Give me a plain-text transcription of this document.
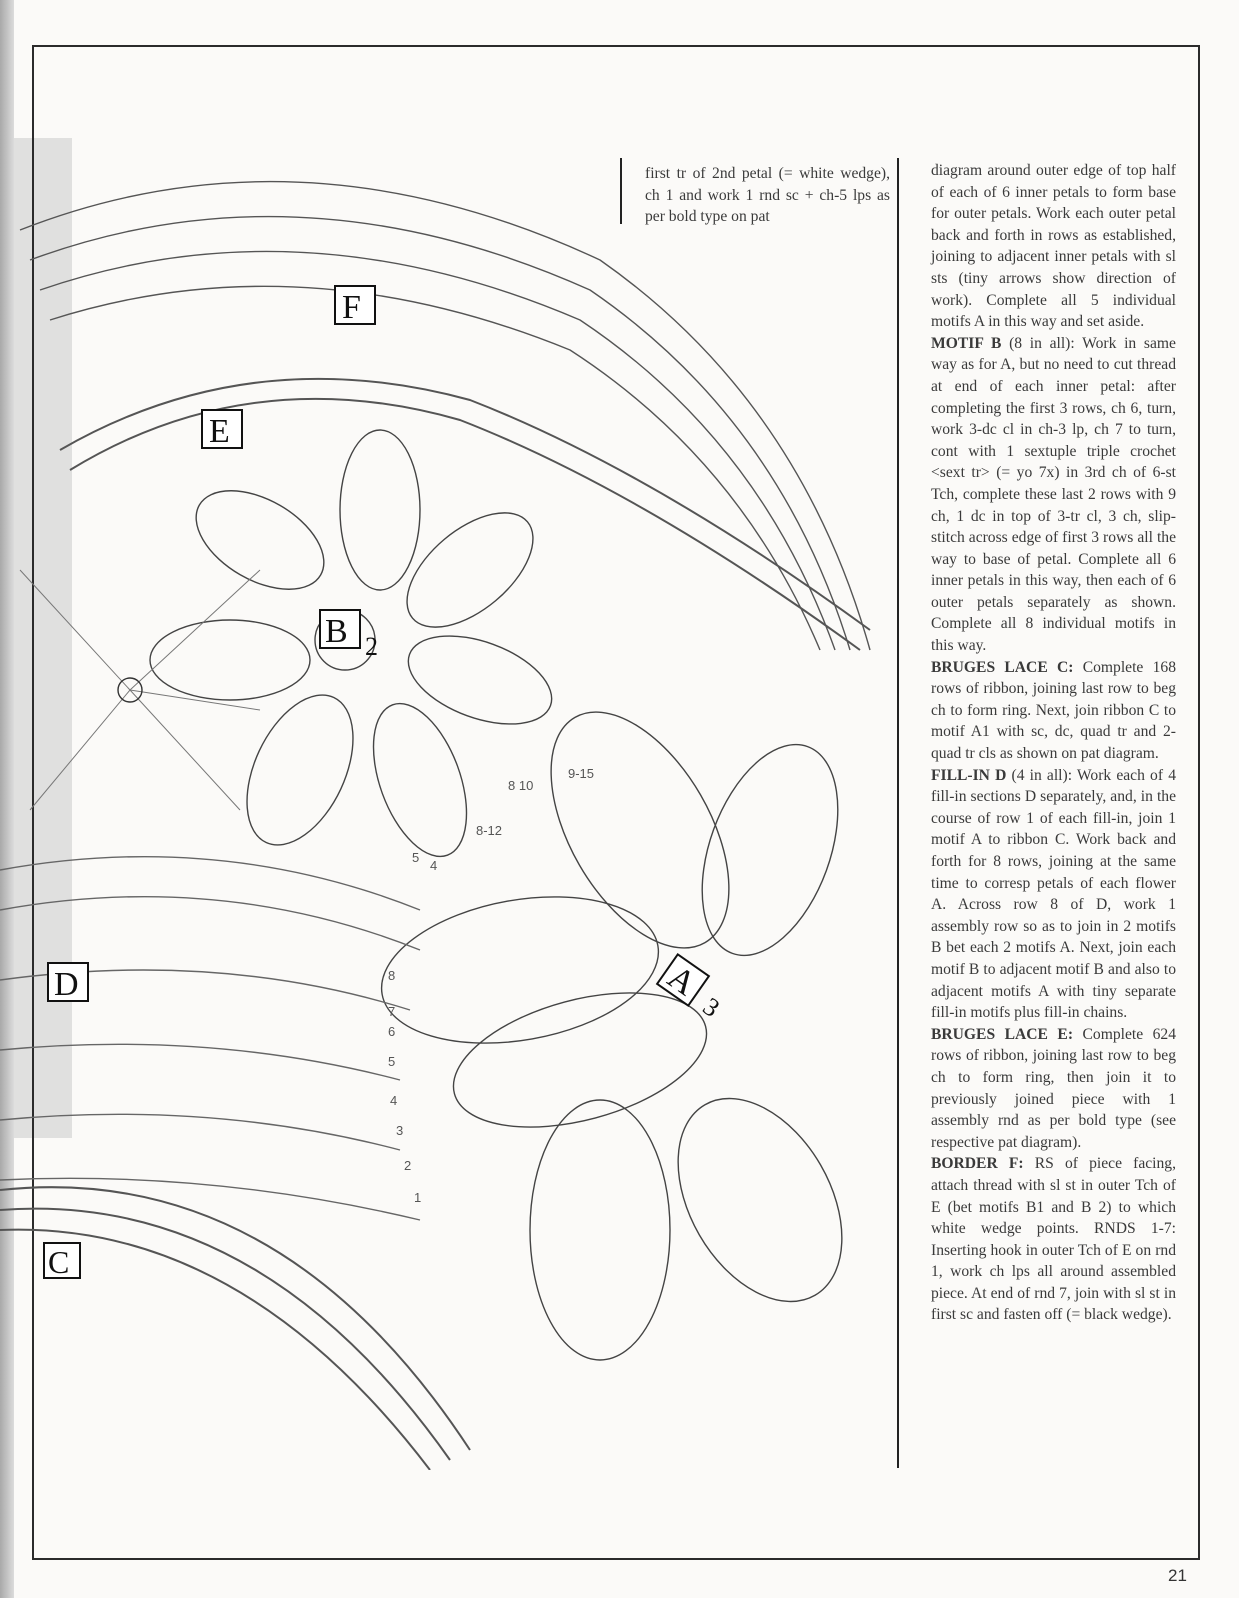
F
E
B 2
A
3
D
C
8-12
8 10
9-15
5
4
8
7
6
5
4
3
2
1

first tr of 2nd petal (= white wedge), ch 1 and work 1 rnd sc + ch-5 lps as per bold type on pat

diagram around outer edge of top half of each of 6 inner petals to form base for outer petals. Work each outer petal back and forth in rows as established, joining to adjacent inner petals with sl sts (tiny arrows show direction of work). Complete all 5 individual motifs A in this way and set aside.

MOTIF B (8 in all): Work in same way as for A, but no need to cut thread at end of each inner petal: after completing the first 3 rows, ch 6, turn, work 3-dc cl in ch-3 lp, ch 7 to turn, cont with 1 sextuple triple crochet <sext tr> (= yo 7x) in 3rd ch of 6-st Tch, complete these last 2 rows with 9 ch, 1 dc in top of 3-tr cl, 3 ch, slip-stitch across edge of first 3 rows all the way to base of petal. Complete all 6 inner petals in this way, then each of 6 outer petals separately as shown. Complete all 8 individual motifs in this way.

BRUGES LACE C: Complete 168 rows of ribbon, joining last row to beg ch to form ring. Next, join ribbon C to motif A1 with sc, dc, quad tr and 2-quad tr cls as shown on pat diagram.

FILL-IN D (4 in all): Work each of 4 fill-in sections D separately, and, in the course of row 1 of each fill-in, join 1 motif A to ribbon C. Work back and forth for 8 rows, joining at the same time to corresp petals of each flower A. Across row 8 of D, work 1 assembly row so as to join in 2 motifs B bet each 2 motifs A. Next, join each motif B to adjacent motif B and also to adjacent motifs A with tiny separate fill-in motifs plus fill-in chains.

BRUGES LACE E: Complete 624 rows of ribbon, joining last row to beg ch to form ring, then join it to previously joined piece with 1 assembly rnd as per bold type (see respective pat diagram).

BORDER F: RS of piece facing, attach thread with sl st in outer Tch of E (bet motifs B1 and B 2) to which white wedge points. RNDS 1-7: Inserting hook in outer Tch of E on rnd 1, work ch lps all around assembled piece. At end of rnd 7, join with sl st in first sc and fasten off (= black wedge).

21
